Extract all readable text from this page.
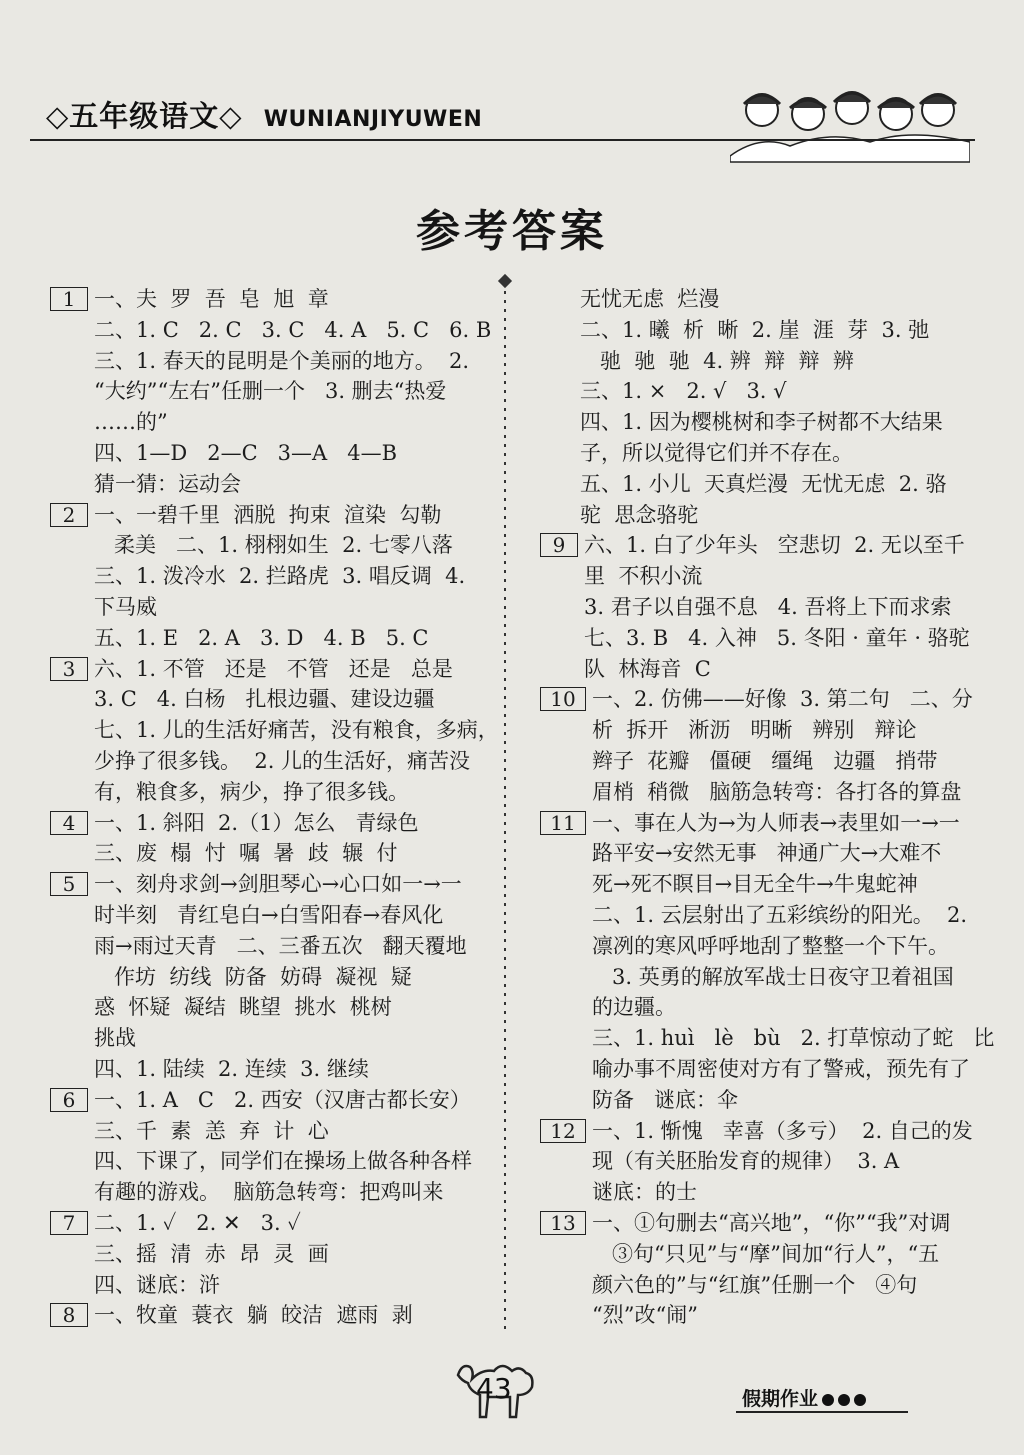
◇五年级语文◇ WUNIANJIYUWEN
参考答案
1 一、夫  罗  吾  皂  旭  章
二、1. C   2. C   3. C   4. A   5. C   6. B
三、1. 春天的昆明是个美丽的地方。  2.
“大约”“左右”任删一个   3. 删去“热爱
……的”
四、1—D   2—C   3—A   4—B
猜一猜：运动会
2 一、一碧千里  洒脱  拘束  渲染  勾勒
柔美   二、1. 栩栩如生  2. 七零八落
三、1. 泼冷水  2. 拦路虎  3. 唱反调  4.
下马威
五、1. E   2. A   3. D   4. B   5. C
3 六、1. 不管   还是   不管   还是   总是
3. C   4. 白杨   扎根边疆、建设边疆
七、1. 儿的生活好痛苦，没有粮食，多病，
少挣了很多钱。  2. 儿的生活好，痛苦没
有，粮食多，病少，挣了很多钱。
4 一、1. 斜阳  2.（1）怎么   青绿色
三、废  榻  忖  嘱  暑  歧  辗  付
5 一、刻舟求剑→剑胆琴心→心口如一→一
时半刻   青红皂白→白雪阳春→春风化
雨→雨过天青   二、三番五次   翻天覆地
作坊  纺线  防备  妨碍  凝视  疑
惑  怀疑  凝结  眺望  挑水  桃树
挑战
四、1. 陆续  2. 连续  3. 继续
6 一、1. A   C   2. 西安（汉唐古都长安）
三、千  素  恙  弃  计  心
四、下课了，同学们在操场上做各种各样
有趣的游戏。  脑筋急转弯：把鸡叫来
7 二、1. ✓   2. ✕   3. ✓
三、摇  清  赤  昂  灵  画
四、谜底：浒
8 一、牧童  蓑衣  躺  皎洁  遮雨  剥
无忧无虑  烂漫
二、1. 曦  析  晰  2. 崖  涯  芽  3. 弛
驰  驰  驰  4. 辨  辩  辩  辨
三、1. ×   2. √   3. √
四、1. 因为樱桃树和李子树都不大结果
子，所以觉得它们并不存在。
五、1. 小儿  天真烂漫  无忧无虑  2. 骆
驼  思念骆驼
9 六、1. 白了少年头   空悲切  2. 无以至千
里  不积小流
3. 君子以自强不息   4. 吾将上下而求索
七、3. B   4. 入神   5. 冬阳 · 童年 · 骆驼
队  林海音  C
10 一、2. 仿佛——好像  3. 第二句   二、分
析  拆开   淅沥   明晰   辨别   辩论
辫子  花瓣   僵硬   缰绳   边疆   捎带
眉梢  稍微   脑筋急转弯：各打各的算盘
11 一、事在人为→为人师表→表里如一→一
路平安→安然无事   神通广大→大难不
死→死不瞑目→目无全牛→牛鬼蛇神
二、1. 云层射出了五彩缤纷的阳光。  2.
凛冽的寒风呼呼地刮了整整一个下午。
3. 英勇的解放军战士日夜守卫着祖国
的边疆。
三、1. huì   lè   bù   2. 打草惊动了蛇   比
喻办事不周密使对方有了警戒，预先有了
防备   谜底：伞
12 一、1. 惭愧   幸喜（多亏）  2. 自己的发
现（有关胚胎发育的规律）  3. A
谜底：的士
13 一、①句删去“高兴地”，“你”“我”对调
③句“只见”与“摩”间加“行人”，“五
颜六色的”与“红旗”任删一个   ④句
“烈”改“闹”
43	假期作业
